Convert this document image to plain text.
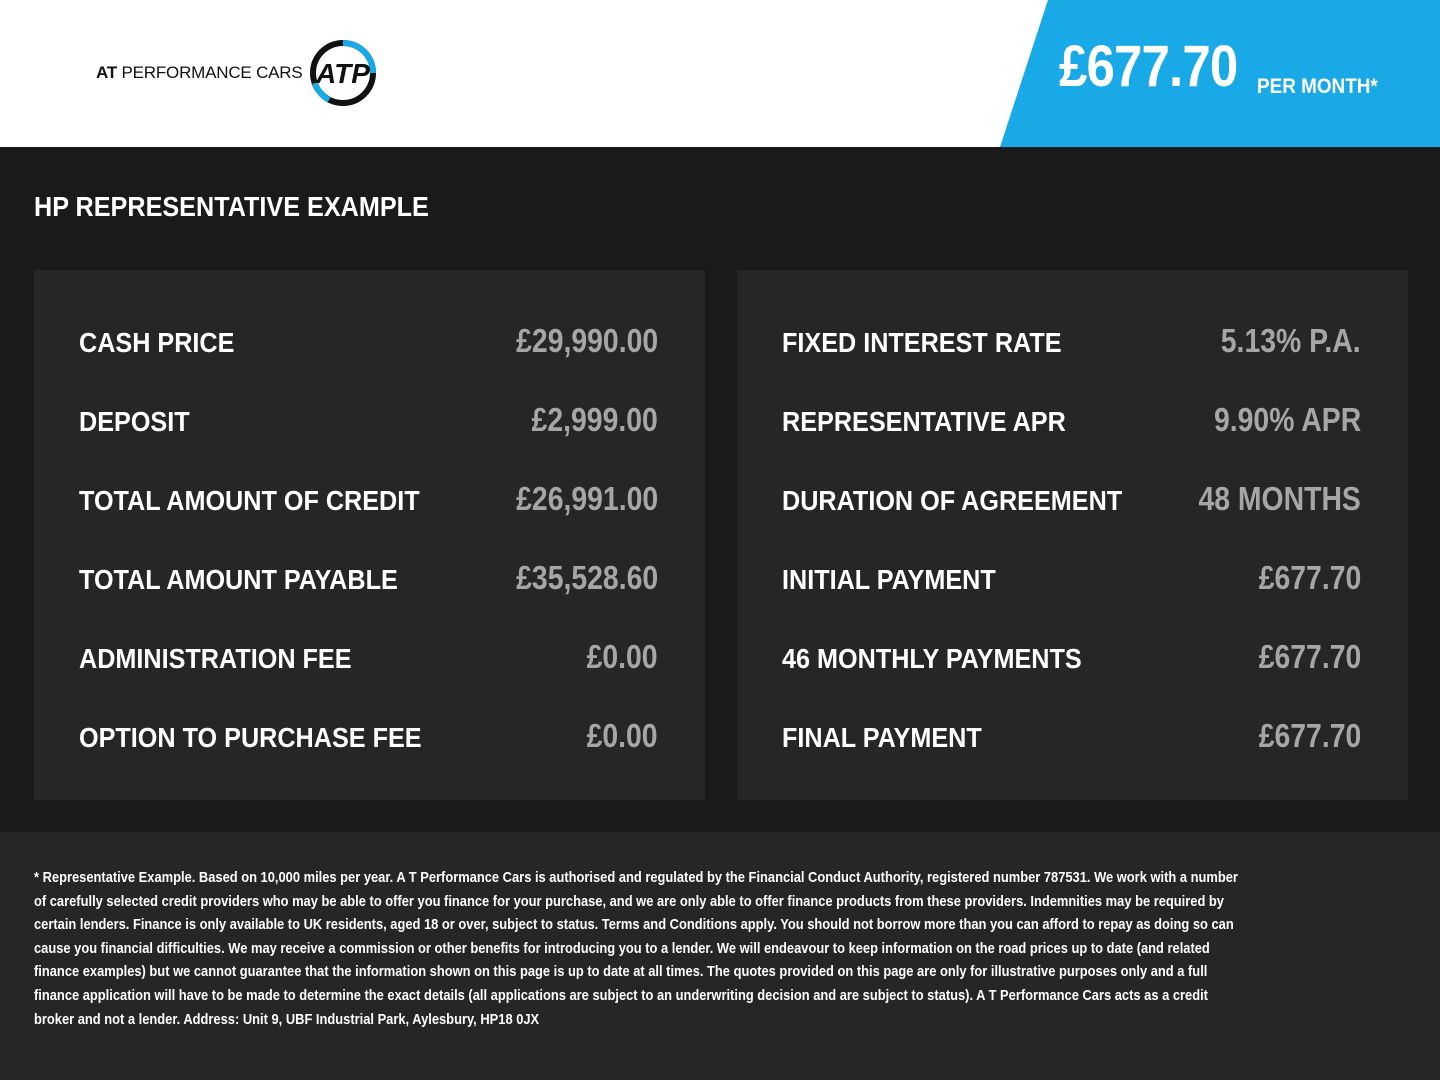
AT PERFORMANCE CARS ATP	£677.70 PER MONTH*
HP REPRESENTATIVE EXAMPLE
CASH PRICE	£29,990.00
DEPOSIT	£2,999.00
TOTAL AMOUNT OF CREDIT	£26,991.00
TOTAL AMOUNT PAYABLE	£35,528.60
ADMINISTRATION FEE	£0.00
OPTION TO PURCHASE FEE	£0.00
FIXED INTEREST RATE	5.13% P.A.
REPRESENTATIVE APR	9.90% APR
DURATION OF AGREEMENT 48 MONTHS
INITIAL PAYMENT	£677.70
46 MONTHLY PAYMENTS	£677.70
FINAL PAYMENT	£677.70
* Representative Example. Based on 10,000 miles per year. A T Performance Cars is authorised and regulated by the Financial Conduct Authority, registered number 787531. We work with a number of carefully selected credit providers who may be able to offer you finance for your purchase, and we are only able to offer finance products from these providers. Indemnities may be required by certain lenders. Finance is only available to UK residents, aged 18 or over, subject to status. Terms and Conditions apply. You should not borrow more than you can afford to repay as doing so can cause you financial difficulties. We may receive a commission or other benefits for introducing you to a lender. We will endeavour to keep information on the road prices up to date (and related finance examples) but we cannot guarantee that the information shown on this page is up to date at all times. The quotes provided on this page are only for illustrative purposes only and a full finance application will have to be made to determine the exact details (all applications are subject to an underwriting decision and are subject to status). A T Performance Cars acts as a credit broker and not a lender. Address: Unit 9, UBF Industrial Park, Aylesbury, HP18 0JX
